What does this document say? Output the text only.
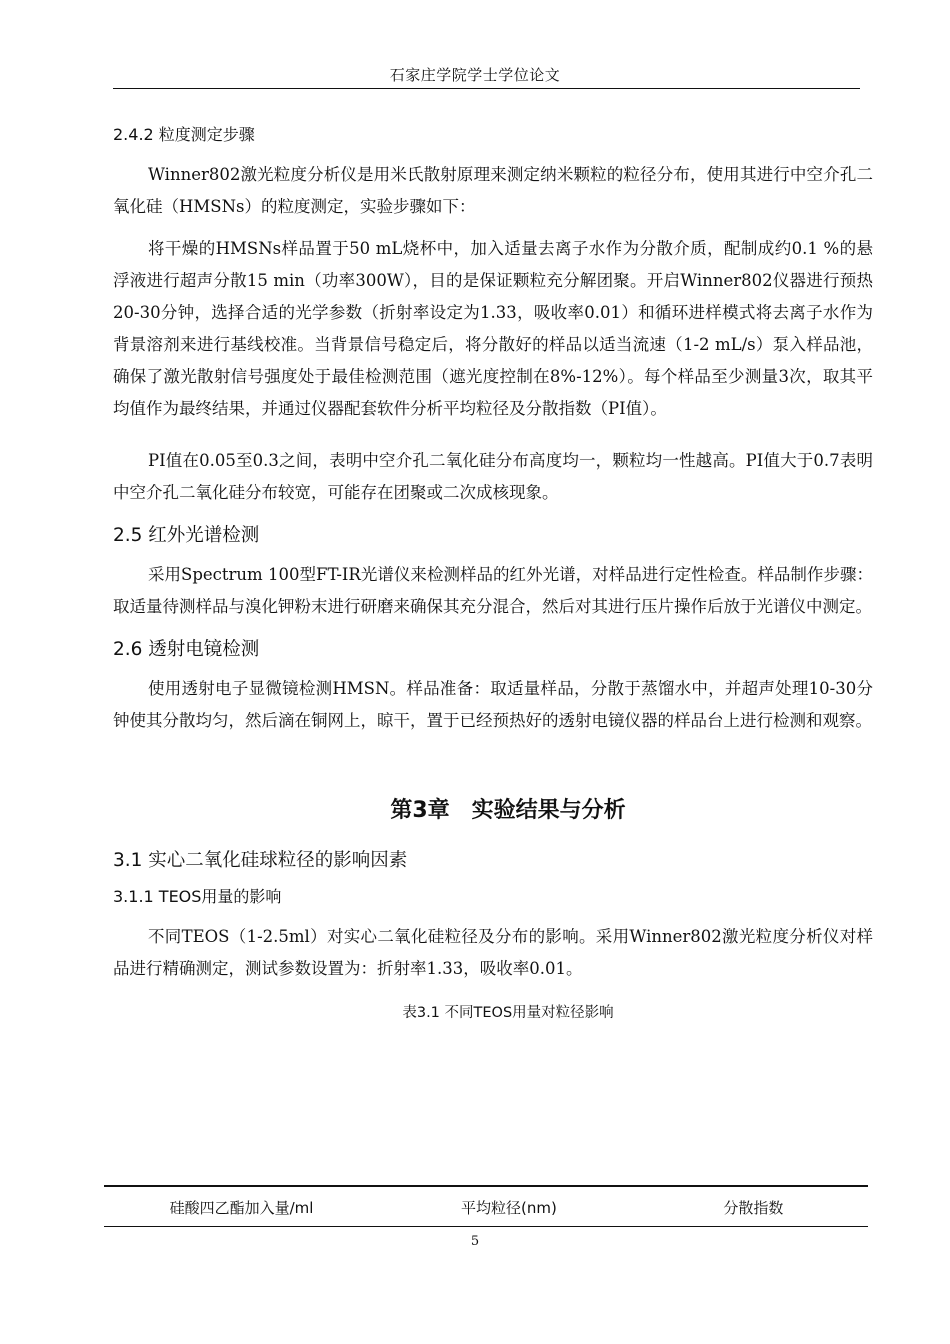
石家庄学院学士学位论文
2.4.2 粒度测定步骤

Winner802激光粒度分析仪是用米氏散射原理来测定纳米颗粒的粒径分布，使用其进行中空介孔二氧化硅（HMSNs）的粒度测定，实验步骤如下：

将干燥的HMSNs样品置于50 mL烧杯中，加入适量去离子水作为分散介质，配制成约0.1 %的悬浮液进行超声分散15 min（功率300W），目的是保证颗粒充分解团聚。开启Winner802仪器进行预热20-30分钟，选择合适的光学参数（折射率设定为1.33，吸收率0.01）和循环进样模式将去离子水作为背景溶剂来进行基线校准。当背景信号稳定后，将分散好的样品以适当流速（1-2 mL/s）泵入样品池，确保了激光散射信号强度处于最佳检测范围（遮光度控制在8%-12%）。每个样品至少测量3次，取其平均值作为最终结果，并通过仪器配套软件分析平均粒径及分散指数（PI值）。

PI值在0.05至0.3之间，表明中空介孔二氧化硅分布高度均一，颗粒均一性越高。PI值大于0.7表明中空介孔二氧化硅分布较宽，可能存在团聚或二次成核现象。

2.5 红外光谱检测

采用Spectrum 100型FT-IR光谱仪来检测样品的红外光谱，对样品进行定性检查。样品制作步骤：取适量待测样品与溴化钾粉末进行研磨来确保其充分混合，然后对其进行压片操作后放于光谱仪中测定。

2.6 透射电镜检测

使用透射电子显微镜检测HMSN。样品准备：取适量样品，分散于蒸馏水中，并超声处理10-30分钟使其分散均匀，然后滴在铜网上，晾干，置于已经预热好的透射电镜仪器的样品台上进行检测和观察。

第3章　实验结果与分析
3.1 实心二氧化硅球粒径的影响因素
3.1.1 TEOS用量的影响

不同TEOS（1-2.5ml）对实心二氧化硅粒径及分布的影响。采用Winner802激光粒度分析仪对样品进行精确测定，测试参数设置为：折射率1.33，吸收率0.01。

表3.1 不同TEOS用量对粒径影响
硅酸四乙酯加入量/ml	平均粒径(nm)	分散指数
5
